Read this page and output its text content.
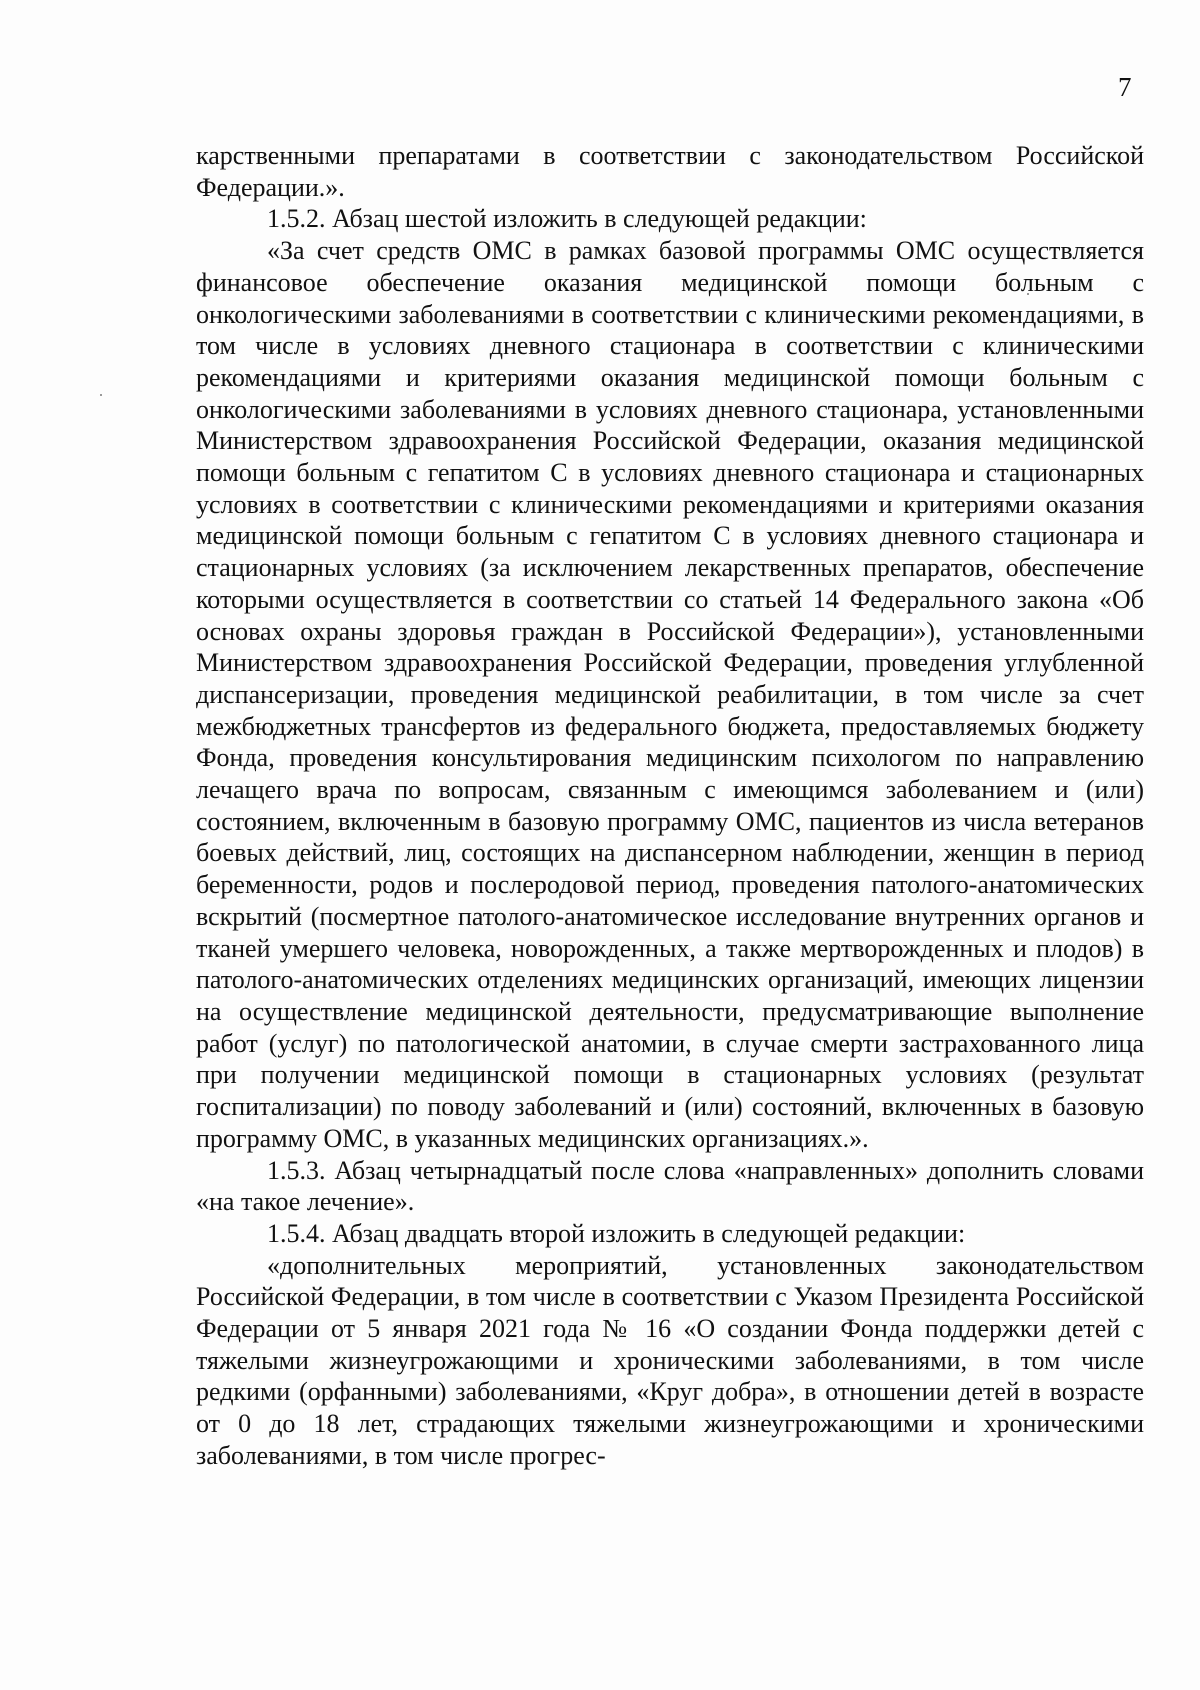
7

карственными препаратами в соответствии с законодательством Российской Федерации.».

1.5.2. Абзац шестой изложить в следующей редакции:

«За счет средств ОМС в рамках базовой программы ОМС осуществляется финансовое обеспечение оказания медицинской помощи больным с онкологическими заболеваниями в соответствии с клиническими рекомендациями, в том числе в условиях дневного стационара в соответствии с клиническими рекомендациями и критериями оказания медицинской помощи больным с онкологическими заболеваниями в условиях дневного стационара, установленными Министерством здравоохранения Российской Федерации, оказания медицинской помощи больным с гепатитом С в условиях дневного стационара и стационарных условиях в соответствии с клиническими рекомендациями и критериями оказания медицинской помощи больным с гепатитом С в условиях дневного стационара и стационарных условиях (за исключением лекарственных препаратов, обеспечение которыми осуществляется в соответствии со статьей 14 Федерального закона «Об основах охраны здоровья граждан в Российской Федерации»), установленными Министерством здравоохранения Российской Федерации, проведения углубленной диспансеризации, проведения медицинской реабилитации, в том числе за счет межбюджетных трансфертов из федерального бюджета, предоставляемых бюджету Фонда, проведения консультирования медицинским психологом по направлению лечащего врача по вопросам, связанным с имеющимся заболеванием и (или) состоянием, включенным в базовую программу ОМС, пациентов из числа ветеранов боевых действий, лиц, состоящих на диспансерном наблюдении, женщин в период беременности, родов и послеродовой период, проведения патолого-анатомических вскрытий (посмертное патолого-анатомическое исследование внутренних органов и тканей умершего человека, новорожденных, а также мертворожденных и плодов) в патолого-анатомических отделениях медицинских организаций, имеющих лицензии на осуществление медицинской деятельности, предусматривающие выполнение работ (услуг) по патологической анатомии, в случае смерти застрахованного лица при получении медицинской помощи в стационарных условиях (результат госпитализации) по поводу заболеваний и (или) состояний, включенных в базовую программу ОМС, в указанных медицинских организациях.».

1.5.3. Абзац четырнадцатый после слова «направленных» дополнить словами «на такое лечение».

1.5.4. Абзац двадцать второй изложить в следующей редакции:

«дополнительных мероприятий, установленных законодательством Российской Федерации, в том числе в соответствии с Указом Президента Российской Федерации от 5 января 2021 года № 16 «О создании Фонда поддержки детей с тяжелыми жизнеугрожающими и хроническими заболеваниями, в том числе редкими (орфанными) заболеваниями, «Круг добра», в отношении детей в возрасте от 0 до 18 лет, страдающих тяжелыми жизнеугрожающими и хроническими заболеваниями, в том числе прогрес-
